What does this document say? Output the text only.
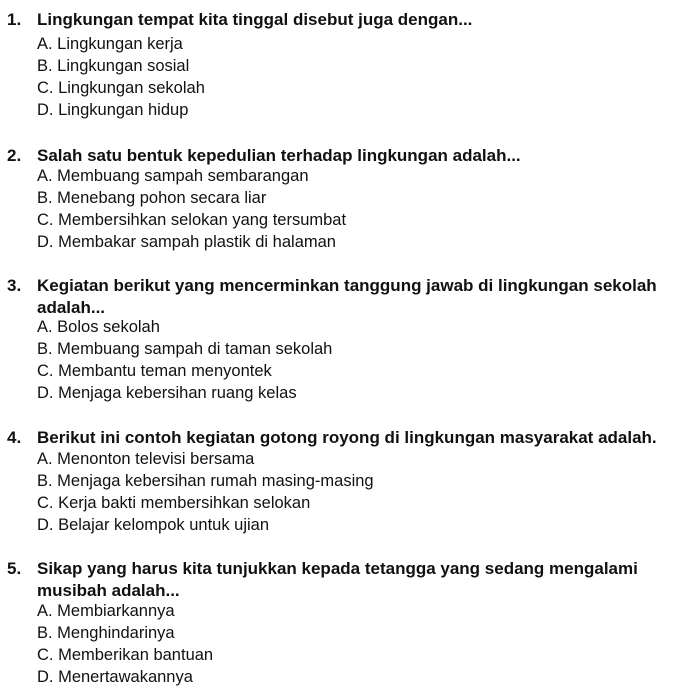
1. Lingkungan tempat kita tinggal disebut juga dengan...
A. Lingkungan kerja
B. Lingkungan sosial
C. Lingkungan sekolah
D. Lingkungan hidup
2. Salah satu bentuk kepedulian terhadap lingkungan adalah...
A. Membuang sampah sembarangan
B. Menebang pohon secara liar
C. Membersihkan selokan yang tersumbat
D. Membakar sampah plastik di halaman
3. Kegiatan berikut yang mencerminkan tanggung jawab di lingkungan sekolah
adalah...
A. Bolos sekolah
B. Membuang sampah di taman sekolah
C. Membantu teman menyontek
D. Menjaga kebersihan ruang kelas
4. Berikut ini contoh kegiatan gotong royong di lingkungan masyarakat adalah.
A. Menonton televisi bersama
B. Menjaga kebersihan rumah masing-masing
C. Kerja bakti membersihkan selokan
D. Belajar kelompok untuk ujian
5. Sikap yang harus kita tunjukkan kepada tetangga yang sedang mengalami
musibah adalah...
A. Membiarkannya
B. Menghindarinya
C. Memberikan bantuan
D. Menertawakannya
